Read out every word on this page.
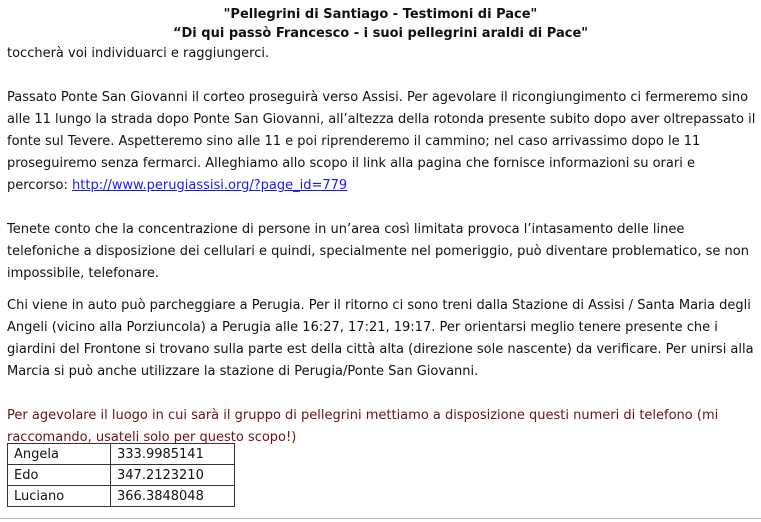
"Pellegrini di Santiago - Testimoni di Pace"
“Di qui passò Francesco - i suoi pellegrini araldi di Pace"

toccherà voi individuarci e raggiungerci.

Passato Ponte San Giovanni il corteo proseguirà verso Assisi. Per agevolare il ricongiungimento ci fermeremo sino alle 11 lungo la strada dopo Ponte San Giovanni, all’altezza della rotonda presente subito dopo aver oltrepassato il fonte sul Tevere. Aspetteremo sino alle 11 e poi riprenderemo il cammino; nel caso arrivassimo dopo le 11 proseguiremo senza fermarci. Alleghiamo allo scopo il link alla pagina che fornisce informazioni su orari e percorso: http://www.perugiassisi.org/?page_id=779

Tenete conto che la concentrazione di persone in un’area così limitata provoca l’intasamento delle linee telefoniche a disposizione dei cellulari e quindi, specialmente nel pomeriggio, può diventare problematico, se non impossibile, telefonare.

Chi viene in auto può parcheggiare a Perugia. Per il ritorno ci sono treni dalla Stazione di Assisi / Santa Maria degli Angeli (vicino alla Porziuncola) a Perugia alle 16:27, 17:21, 19:17. Per orientarsi meglio tenere presente che i giardini del Frontone si trovano sulla parte est della città alta (direzione sole nascente) da verificare. Per unirsi alla Marcia si può anche utilizzare la stazione di Perugia/Ponte San Giovanni.

Per agevolare il luogo in cui sarà il gruppo di pellegrini mettiamo a disposizione questi numeri di telefono (mi raccomando, usateli solo per questo scopo!)

Angela	333.9985141
Edo	347.2123210
Luciano	366.3848048
